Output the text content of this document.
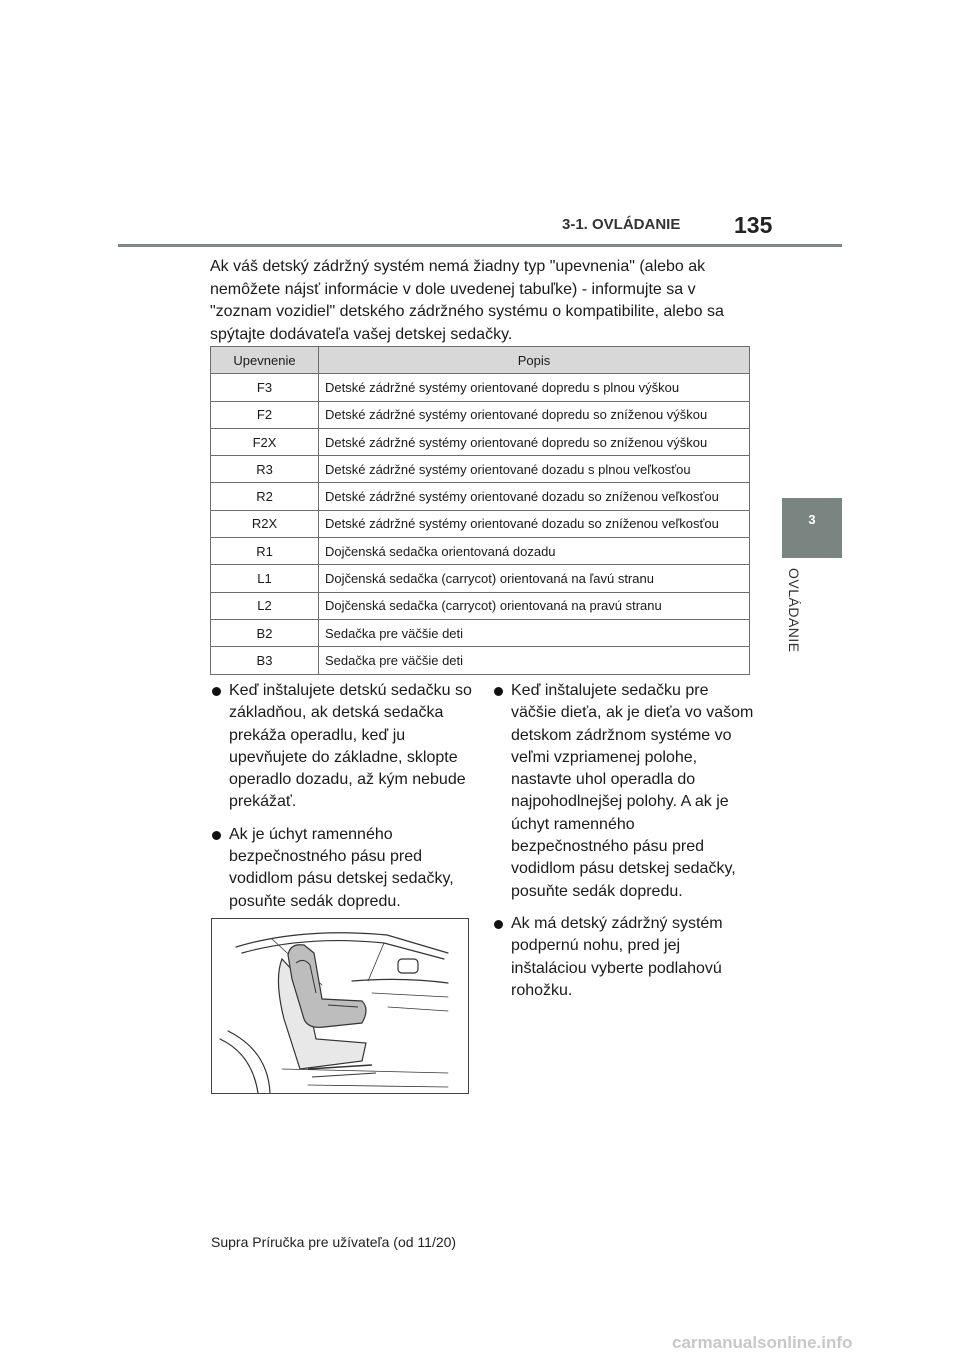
3-1. OVLÁDANIE 135
3
OVLÁDANIE

Ak váš detský zádržný systém nemá žiadny typ "upevnenia" (alebo ak nemôžete nájsť informácie v dole uvedenej tabuľke) - informujte sa v "zoznam vozidiel" detského zádržného systému o kompatibilite, alebo sa spýtajte dodávateľa vašej detskej sedačky.

Upevnenie	Popis
F3	Detské zádržné systémy orientované dopredu s plnou výškou
F2	Detské zádržné systémy orientované dopredu so zníženou výškou
F2X	Detské zádržné systémy orientované dopredu so zníženou výškou
R3	Detské zádržné systémy orientované dozadu s plnou veľkosťou
R2	Detské zádržné systémy orientované dozadu so zníženou veľkosťou
R2X	Detské zádržné systémy orientované dozadu so zníženou veľkosťou
R1	Dojčenská sedačka orientovaná dozadu
L1	Dojčenská sedačka (carrycot) orientovaná na ľavú stranu
L2	Dojčenská sedačka (carrycot) orientovaná na pravú stranu
B2	Sedačka pre väčšie deti
B3	Sedačka pre väčšie deti
Keď inštalujete detskú sedačku so základňou, ak detská sedačka prekáža operadlu, keď ju upevňujete do základne, sklopte operadlo dozadu, až kým nebude prekážať.
Ak je úchyt ramenného bezpečnostného pásu pred vodidlom pásu detskej sedačky, posuňte sedák dopredu.
Keď inštalujete sedačku pre väčšie dieťa, ak je dieťa vo vašom detskom zádržnom systéme vo veľmi vzpriamenej polohe, nastavte uhol operadla do najpohodlnejšej polohy. A ak je úchyt ramenného bezpečnostného pásu pred vodidlom pásu detskej sedačky, posuňte sedák dopredu.
Ak má detský zádržný systém podpernú nohu, pred jej inštaláciou vyberte podlahovú rohožku.
Supra Príručka pre užívateľa (od 11/20)
carmanualsonline.info
